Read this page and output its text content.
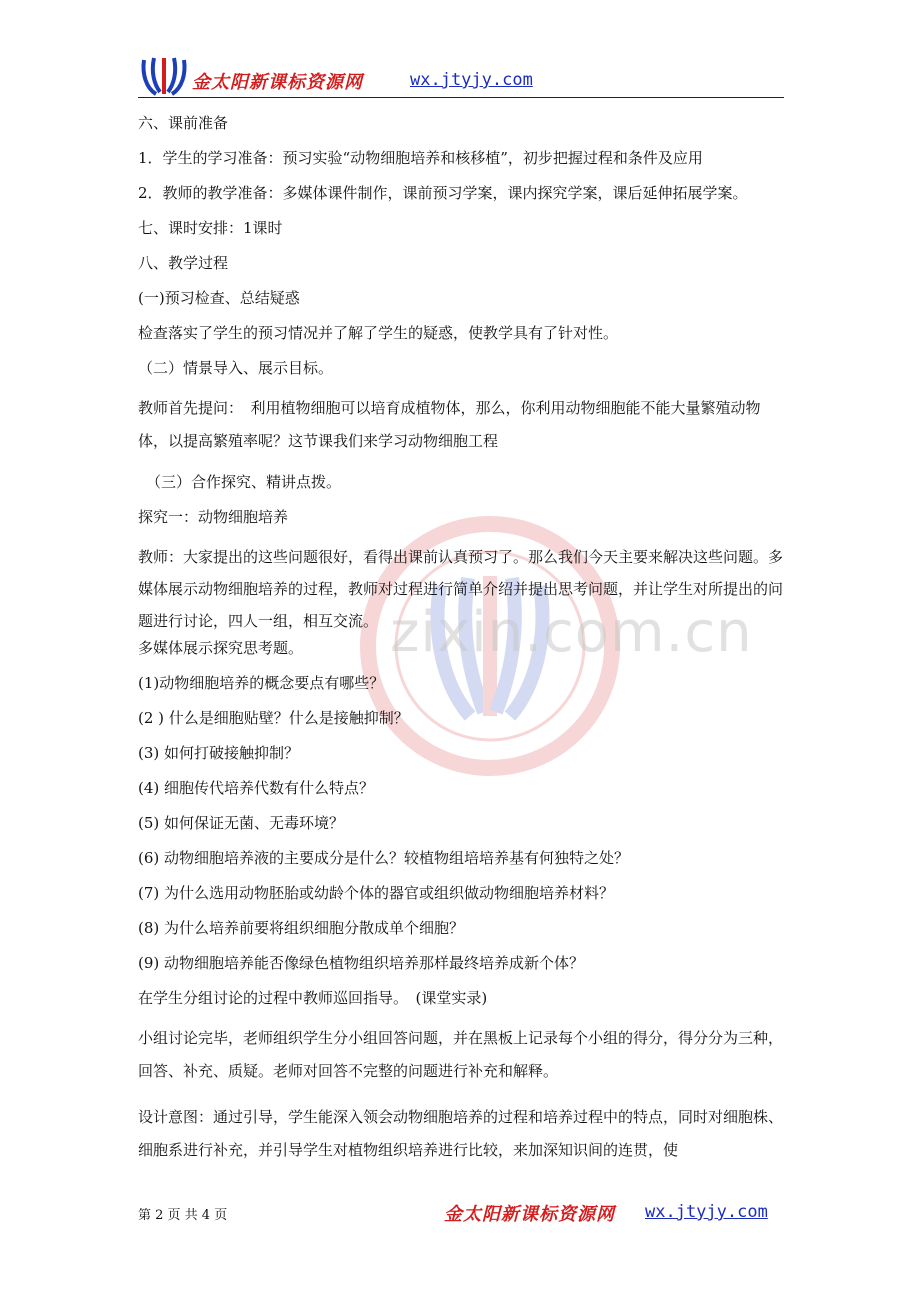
金太阳新课标资源网	wx.jtyjy.com
zixin.com.cn

六、课前准备

1．学生的学习准备：预习实验“动物细胞培养和核移植”，初步把握过程和条件及应用

2．教师的教学准备：多媒体课件制作，课前预习学案，课内探究学案，课后延伸拓展学案。

七、课时安排：1课时

八、教学过程

(一)预习检查、总结疑惑

检查落实了学生的预习情况并了解了学生的疑惑，使教学具有了针对性。

（二）情景导入、展示目标。

教师首先提问：　利用植物细胞可以培育成植物体，那么，你利用动物细胞能不能大量繁殖动物体，以提高繁殖率呢？这节课我们来学习动物细胞工程

（三）合作探究、精讲点拨。

探究一：动物细胞培养

教师：大家提出的这些问题很好，看得出课前认真预习了。那么我们今天主要来解决这些问题。多媒体展示动物细胞培养的过程，教师对过程进行简单介绍并提出思考问题，并让学生对所提出的问题进行讨论，四人一组，相互交流。

多媒体展示探究思考题。

(1)动物细胞培养的概念要点有哪些？

(2 ) 什么是细胞贴壁？什么是接触抑制？

(3) 如何打破接触抑制？

(4) 细胞传代培养代数有什么特点？

(5) 如何保证无菌、无毒环境？

(6) 动物细胞培养液的主要成分是什么？较植物组培培养基有何独特之处？

(7) 为什么选用动物胚胎或幼龄个体的器官或组织做动物细胞培养材料？

(8) 为什么培养前要将组织细胞分散成单个细胞？

(9) 动物细胞培养能否像绿色植物组织培养那样最终培养成新个体？

在学生分组讨论的过程中教师巡回指导。　(课堂实录)

小组讨论完毕，老师组织学生分小组回答问题，并在黑板上记录每个小组的得分，得分分为三种，回答、补充、质疑。老师对回答不完整的问题进行补充和解释。

设计意图：通过引导，学生能深入领会动物细胞培养的过程和培养过程中的特点，同时对细胞株、细胞系进行补充，并引导学生对植物组织培养进行比较，来加深知识间的连贯，使

第 2 页 共 4 页	金太阳新课标资源网 wx.jtyjy.com
